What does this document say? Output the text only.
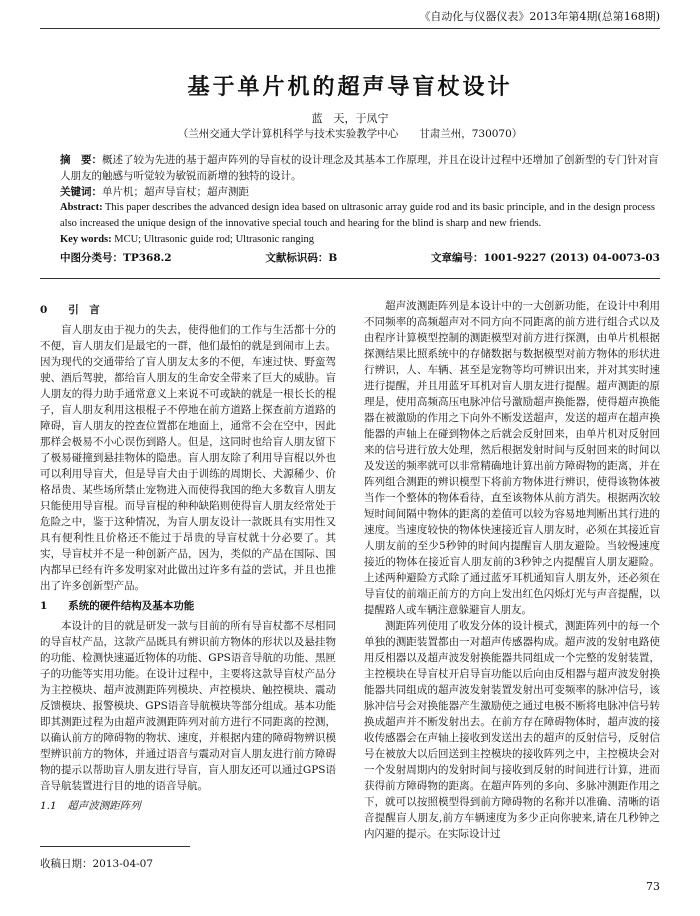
《自动化与仪器仪表》2013年第4期(总第168期)
基于单片机的超声导盲杖设计
蓝　天，于凤宁
（兰州交通大学计算机科学与技术实验教学中心　　甘肃兰州，730070）

摘　要：概述了较为先进的基于超声阵列的导盲杖的设计理念及其基本工作原理，并且在设计过程中还增加了创新型的专门针对盲人朋友的触感与听觉较为敏锐而新增的独特的设计。

关键词：单片机；超声导盲杖；超声测距

Abstract: This paper describes the advanced design idea based on ultrasonic array guide rod and its basic principle, and in the design process also increased the unique design of the innovative special touch and hearing for the blind is sharp and new friends.

Key words: MCU; Ultrasonic guide rod; Ultrasonic ranging

中图分类号：TP368.2	文献标识码：B	文章编号：1001-9227 (2013) 04-0073-03
0　　引　言

盲人朋友由于视力的失去，使得他们的工作与生活都十分的不便，盲人朋友们是最宅的一群，他们最怕的就是到闹市上去。因为现代的交通带给了盲人朋友太多的不便，车速过快、野蛮驾驶、酒后驾驶，都给盲人朋友的生命安全带来了巨大的威胁。盲人朋友的得力助手通常意义上来说不可或缺的就是一根长长的棍子，盲人朋友利用这根棍子不停地在前方道路上探查前方道路的障碍，盲人朋友的控查位置都在地面上，通常不会在空中，因此那样会极易不小心误伤到路人。但是，这同时也给盲人朋友留下了极易碰撞到悬挂物体的隐患。盲人朋友除了利用导盲棍以外也可以利用导盲犬，但是导盲犬由于训练的周期长、犬源稀少、价格昂贵、某些场所禁止宠物进入而使得我国的绝大多数盲人朋友只能使用导盲棍。而导盲棍的种种缺陷则使得盲人朋友经常处于危险之中，鉴于这种情况，为盲人朋友设计一款既具有实用性又具有便利性且价格还不能过于昂贵的导盲杖就十分必要了。其实，导盲杖并不是一种创新产品，因为，类似的产品在国际、国内都早已经有许多发明家对此做出过许多有益的尝试，并且也推出了许多创新型产品。

1　　系统的硬件结构及基本功能

本设计的目的就是研发一款与目前的所有导盲杖都不尽相同的导盲杖产品，这款产品既具有辨识前方物体的形状以及悬挂物的功能、检测快速逼近物体的功能、GPS语音导航的功能、黑匣子的功能等实用功能。在设计过程中，主要将这款导盲杖产品分为主控模块、超声波测距阵列模块、声控模块、触控模块、震动反馈模块、报警模块、GPS语音导航模块等部分组成。基本功能即其测距过程为由超声波测距阵列对前方进行不同距离的控测，以确认前方的障碍物的物状、速度，并根据内建的障碍物辨识模型辨识前方的物体，并通过语音与震动对盲人朋友进行前方障碍物的提示以帮助盲人朋友进行导盲，盲人朋友还可以通过GPS语音导航装置进行目的地的语音导航。

1.1　超声波测距阵列

超声波测距阵列是本设计中的一大创新功能，在设计中利用不同频率的高频超声对不同方向不同距离的前方进行组合式以及由程序计算模型控制的测距模型对前方进行探测，由单片机根据探测结果比照系统中的存储数据与数据模型对前方物体的形状进行辨识，人、车辆、甚至是宠物等均可辨识出来，并对其实时速进行提醒，并且用蓝牙耳机对盲人朋友进行提醒。超声测距的原理是，使用高频高压电脉冲信号激励超声换能器，使得超声换能器在被激励的作用之下向外不断发送超声，发送的超声在超声换能器的声轴上在碰到物体之后就会反射回来，由单片机对反射回来的信号进行放大处理，然后根据发射时间与反射回来的时间以及发送的频率就可以非常精确地计算出前方障碍物的距离，并在阵列组合测距的辨识模型下将前方物体进行辨识，使得该物体被当作一个整体的物体看待，直至该物体从前方消失。根据两次较短时间间隔中物体的距离的差值可以较为容易地判断出其行进的速度。当速度较快的物体快速接近盲人朋友时，必须在其接近盲人朋友前的至少5秒钟的时间内提醒盲人朋友避险。当较慢速度接近的物体在接近盲人朋友前的3秒钟之内提醒盲人朋友避险。上述两种避险方式除了通过蓝牙耳机通知盲人朋友外，还必须在导盲仗的前端正前方的方向上发出红色闪烁灯光与声音提醒，以提醒路人或车辆注意躲避盲人朋友。

测距阵列使用了收发分体的设计模式，测距阵列中的每一个单独的测距装置都由一对超声传感器构成。超声波的发射电路使用反相器以及超声波发射换能器共同组成一个完整的发射装置，主控模块在导盲杖开启导盲功能以后向由反相器与超声波发射换能器共同组成的超声波发射装置发射出可变频率的脉冲信号，该脉冲信号会对换能器产生激励使之通过电极不断将电脉冲信号转换成超声并不断发射出去。在前方存在障碍物体时，超声波的接收传感器会在声轴上接收到发送出去的超声的反射信号，反射信号在被放大以后回送到主控模块的接收阵列之中，主控模块会对一个发射周期内的发射时间与接收到反射的时间进行计算，进而获得前方障碍物的距离。在超声阵列的多向、多脉冲测距作用之下，就可以按照模型得到前方障碍物的名称并以准确、清晰的语音提醒盲人朋友,前方车辆速度为多少正向你驶来,请在几秒钟之内闪避的提示。在实际设计过

收稿日期：2013-04-07
73
